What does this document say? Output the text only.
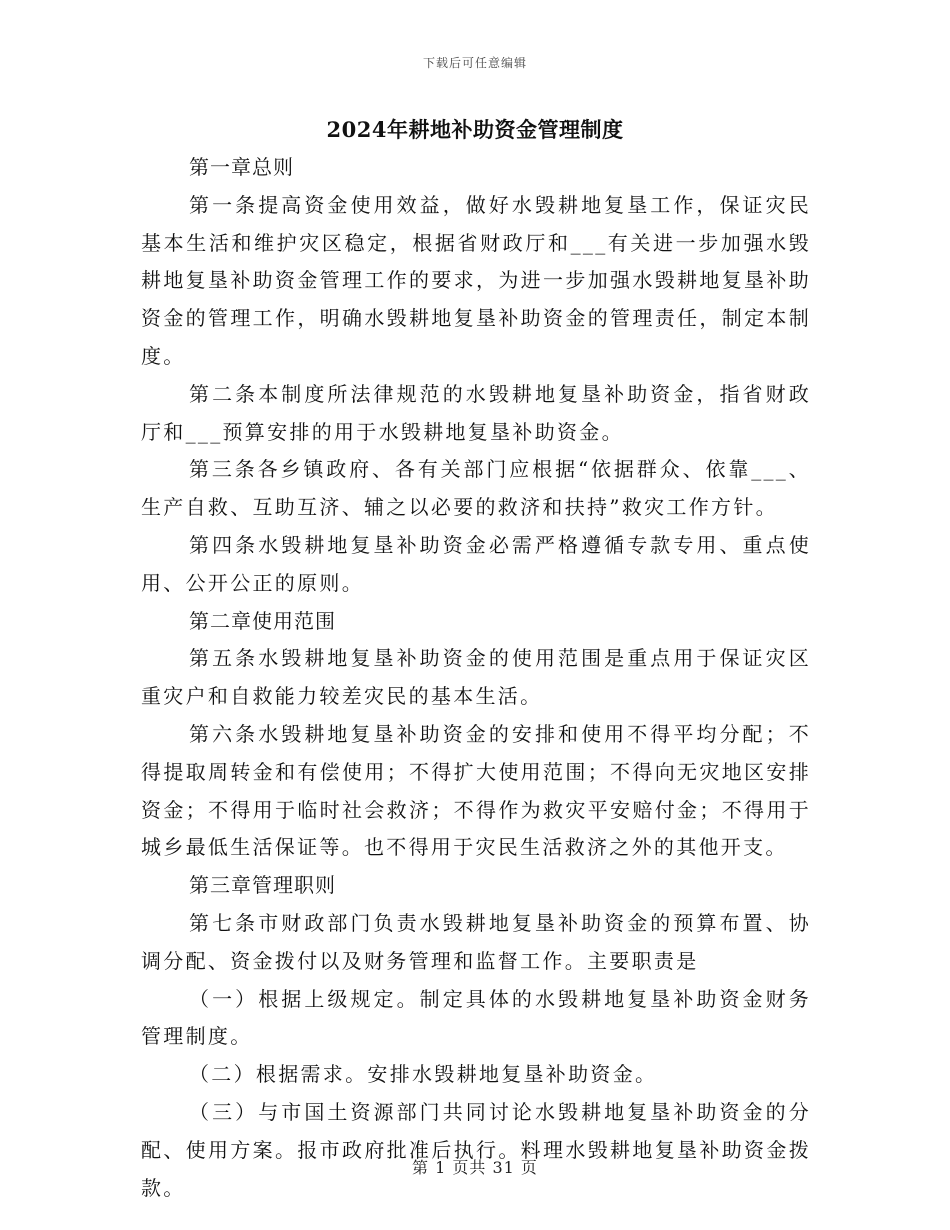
下载后可任意编辑
2024年耕地补助资金管理制度

第一章总则

第一条提高资金使用效益，做好水毁耕地复垦工作，保证灾民基本生活和维护灾区稳定，根据省财政厅和___有关进一步加强水毁耕地复垦补助资金管理工作的要求，为进一步加强水毁耕地复垦补助资金的管理工作，明确水毁耕地复垦补助资金的管理责任，制定本制度。

第二条本制度所法律规范的水毁耕地复垦补助资金，指省财政厅和___预算安排的用于水毁耕地复垦补助资金。

第三条各乡镇政府、各有关部门应根据“依据群众、依靠___、生产自救、互助互济、辅之以必要的救济和扶持”救灾工作方针。

第四条水毁耕地复垦补助资金必需严格遵循专款专用、重点使用、公开公正的原则。

第二章使用范围

第五条水毁耕地复垦补助资金的使用范围是重点用于保证灾区重灾户和自救能力较差灾民的基本生活。

第六条水毁耕地复垦补助资金的安排和使用不得平均分配；不得提取周转金和有偿使用；不得扩大使用范围；不得向无灾地区安排资金；不得用于临时社会救济；不得作为救灾平安赔付金；不得用于城乡最低生活保证等。也不得用于灾民生活救济之外的其他开支。

第三章管理职则

第七条市财政部门负责水毁耕地复垦补助资金的预算布置、协调分配、资金拨付以及财务管理和监督工作。主要职责是

（一）根据上级规定。制定具体的水毁耕地复垦补助资金财务管理制度。

（二）根据需求。安排水毁耕地复垦补助资金。

（三）与市国土资源部门共同讨论水毁耕地复垦补助资金的分配、使用方案。报市政府批准后执行。料理水毁耕地复垦补助资金拨款。

第 1 页共 31 页
